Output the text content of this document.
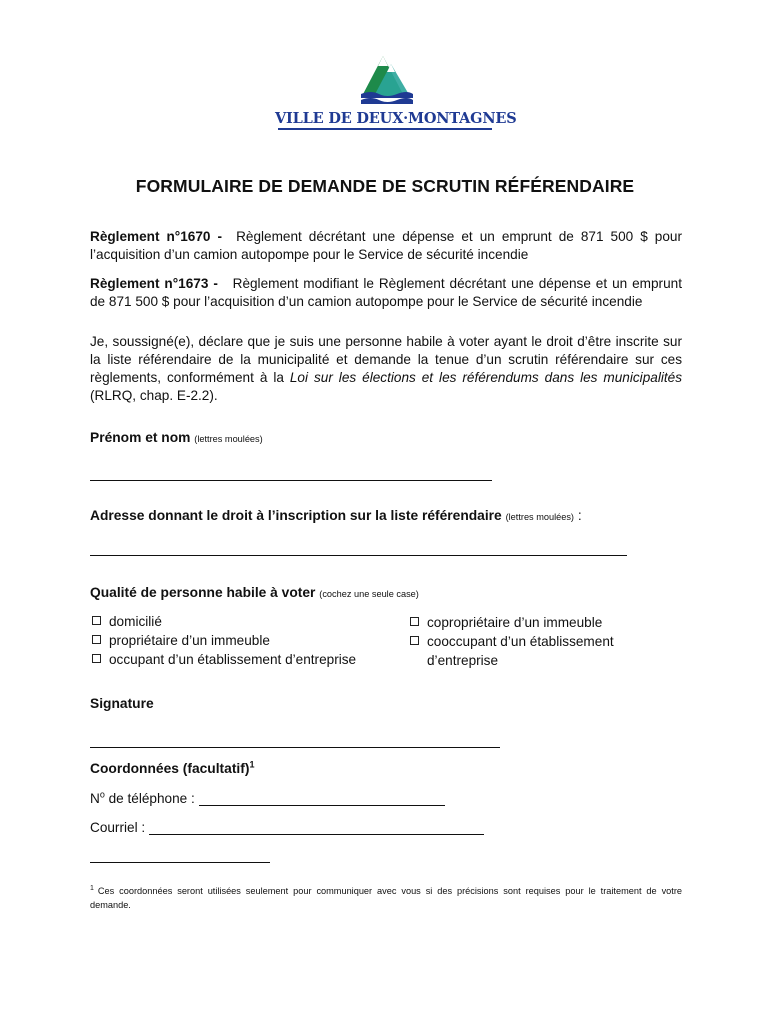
VILLE DE DEUX·MONTAGNES
FORMULAIRE DE DEMANDE DE SCRUTIN RÉFÉRENDAIRE
Règlement n°1670 - Règlement décrétant une dépense et un emprunt de 871 500 $ pour l’acquisition d’un camion autopompe pour le Service de sécurité incendie
Règlement n°1673 - Règlement modifiant le Règlement décrétant une dépense et un emprunt de 871 500 $ pour l’acquisition d’un camion autopompe pour le Service de sécurité incendie
Je, soussigné(e), déclare que je suis une personne habile à voter ayant le droit d’être inscrite sur la liste référendaire de la municipalité et demande la tenue d’un scrutin référendaire sur ces règlements, conformément à la Loi sur les élections et les référendums dans les municipalités (RLRQ, chap. E-2.2).
Prénom et nom (lettres moulées)
Adresse donnant le droit à l’inscription sur la liste référendaire (lettres moulées) :
Qualité de personne habile à voter (cochez une seule case)
domicilié
propriétaire d’un immeuble
occupant d’un établissement d’entreprise
copropriétaire d’un immeuble
cooccupant d’un établissement d’entreprise
Signature
Coordonnées (facultatif)$^1$
$N^o$ de téléphone :
Courriel :
$^1$ Ces coordonnées seront utilisées seulement pour communiquer avec vous si des précisions sont requises pour le traitement de votre demande.
